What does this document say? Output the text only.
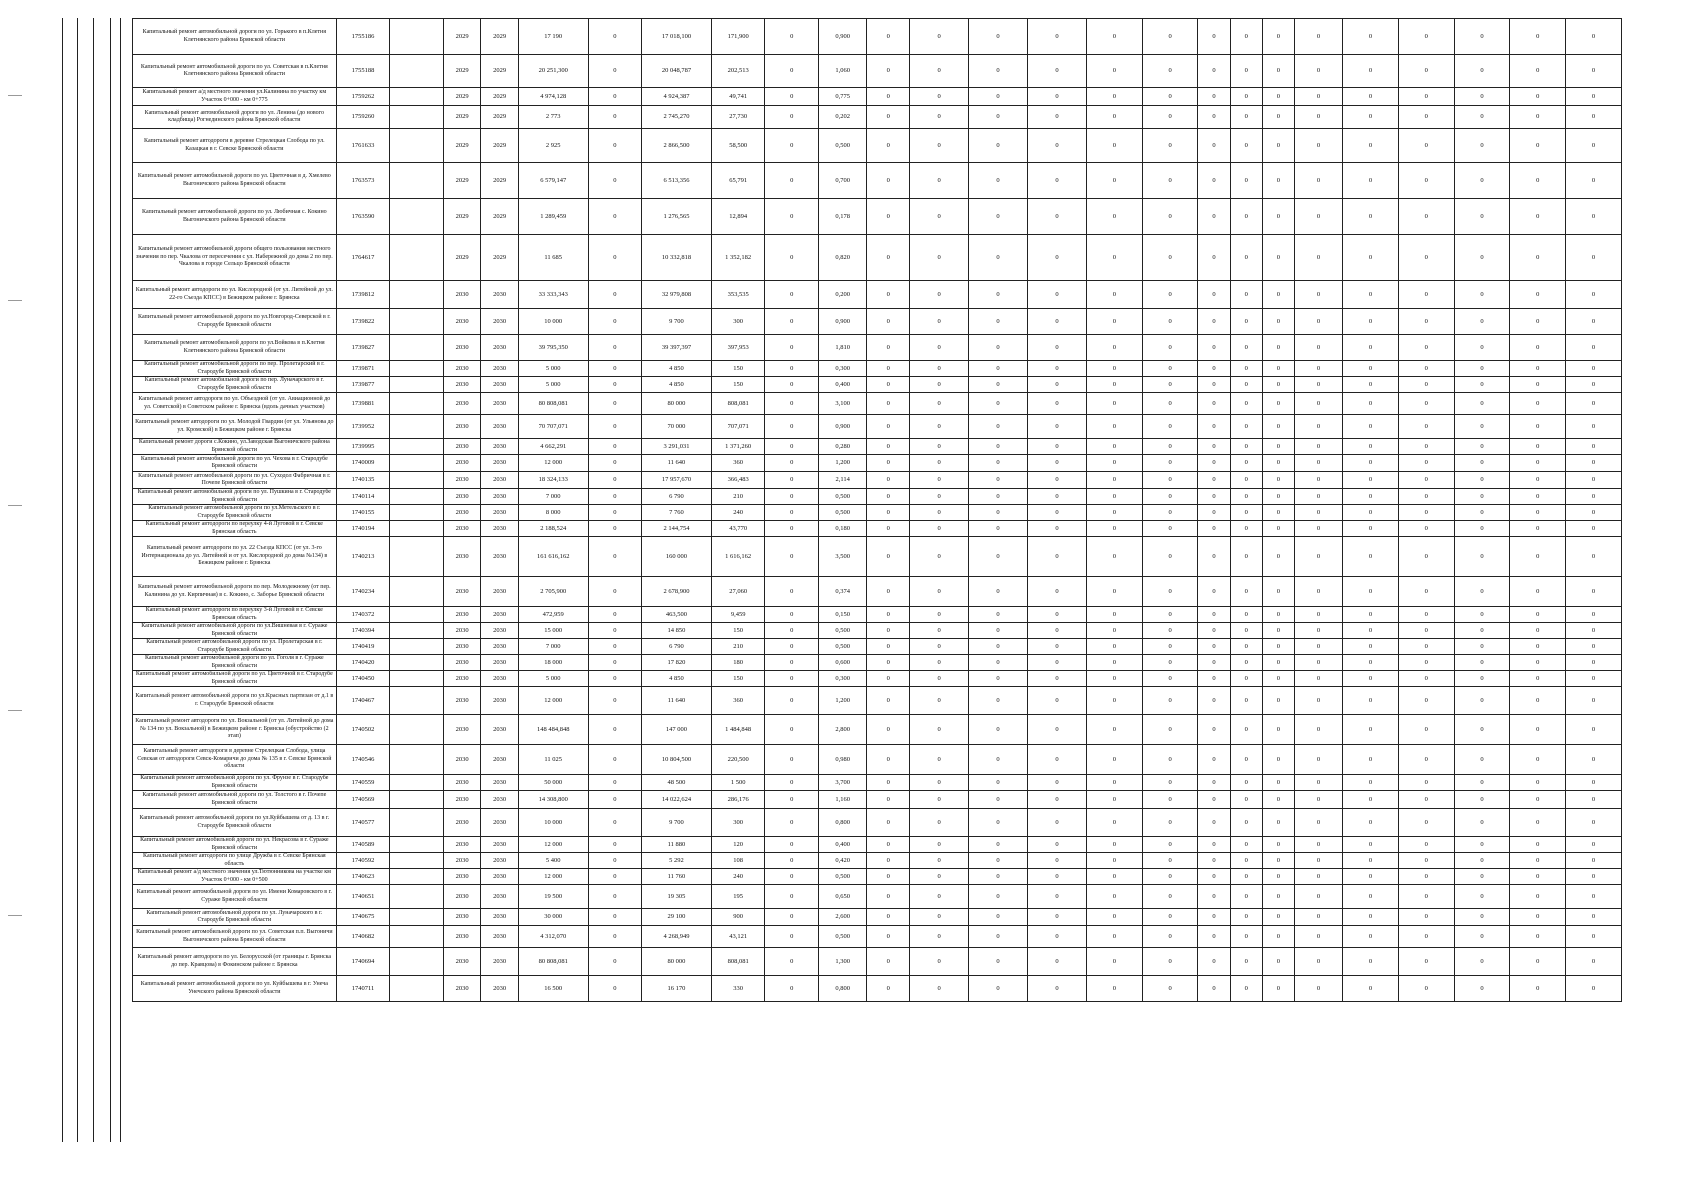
Капитальный ремонт автомобильной дороги по ул. Горького в п.Клетня Клетнянского района Брянской области	1755186		2029	2029	17 190	0	17 018,100	171,900	0	0,900	0	0	0	0	0	0	0	0	0	0	0	0	0	0	0
Капитальный ремонт автомобильной дороги по ул. Советская в п.Клетня Клетнянского района Брянской области	1755188		2029	2029	20 251,300	0	20 048,787	202,513	0	1,060	0	0	0	0	0	0	0	0	0	0	0	0	0	0	0
Капитальный ремонт а/д местного значения ул.Калинина по участку км Участок 0+000 - км 0+775	1759262		2029	2029	4 974,128	0	4 924,387	49,741	0	0,775	0	0	0	0	0	0	0	0	0	0	0	0	0	0	0
Капитальный ремонт автомобильной дороги по ул. Ленина (до нового кладбища) Рогнединского района Брянской области	1759260		2029	2029	2 773	0	2 745,270	27,730	0	0,202	0	0	0	0	0	0	0	0	0	0	0	0	0	0	0
Капитальный ремонт автодороги в деревне Стрелецкая Слобода по ул. Казацкая в г. Севске Брянской области	1761633		2029	2029	2 925	0	2 866,500	58,500	0	0,500	0	0	0	0	0	0	0	0	0	0	0	0	0	0	0
Капитальный ремонт автомобильной дороги по ул. Цветочная в д. Хмелево Выгоничского района Брянской области	1763573		2029	2029	6 579,147	0	6 513,356	65,791	0	0,700	0	0	0	0	0	0	0	0	0	0	0	0	0	0	0
Капитальный ремонт автомобильной дороги по ул. Любичная с. Кокино Выгоничского района Брянской области	1763590		2029	2029	1 289,459	0	1 276,565	12,894	0	0,178	0	0	0	0	0	0	0	0	0	0	0	0	0	0	0
Капитальный ремонт автомобильной дороги общего пользования местного значения по пер. Чкалова от пересечения с ул. Набережной до дома 2 по пер. Чкалова в городе Сельцо Брянской области	1764617		2029	2029	11 685	0	10 332,818	1 352,182	0	0,820	0	0	0	0	0	0	0	0	0	0	0	0	0	0	0
Капитальный ремонт автодороги по ул. Кислородной (от ул. Литейной до ул. 22-го Съезда КПСС) в Бежицком районе г. Брянска	1739812		2030	2030	33 333,343	0	32 979,808	353,535	0	0,200	0	0	0	0	0	0	0	0	0	0	0	0	0	0	0
Капитальный ремонт автомобильной дороги по ул.Новгород-Северской в г. Стародубе Брянской области	1739822		2030	2030	10 000	0	9 700	300	0	0,900	0	0	0	0	0	0	0	0	0	0	0	0	0	0	0
Капитальный ремонт автомобильной дороги по ул.Войкова в п.Клетня Клетнянского района Брянской области	1739827		2030	2030	39 795,350	0	39 397,397	397,953	0	1,810	0	0	0	0	0	0	0	0	0	0	0	0	0	0	0
Капитальный ремонт автомобильной дороги по пер. Пролетарский в г. Стародубе Брянской области	1739871		2030	2030	5 000	0	4 850	150	0	0,300	0	0	0	0	0	0	0	0	0	0	0	0	0	0	0
Капитальный ремонт автомобильной дороги по пер. Луначарского в г. Стародубе Брянской области	1739877		2030	2030	5 000	0	4 850	150	0	0,400	0	0	0	0	0	0	0	0	0	0	0	0	0	0	0
Капитальный ремонт автодороги по ул. Объездной (от ул. Авиационной до ул. Советской) в Советском районе г. Брянска (вдоль дачных участков)	1739881		2030	2030	80 808,081	0	80 000	808,081	0	3,100	0	0	0	0	0	0	0	0	0	0	0	0	0	0	0
Капитальный ремонт автодороги по ул. Молодой Гвардии (от ул. Ульянова до ул. Кромской) в Бежицком районе г. Брянска	1739952		2030	2030	70 707,071	0	70 000	707,071	0	0,900	0	0	0	0	0	0	0	0	0	0	0	0	0	0	0
Капитальный ремонт дороги с.Кокино, ул.Заводская Выгоничского района Брянской области	1739995		2030	2030	4 662,291	0	3 291,031	1 371,260	0	0,280	0	0	0	0	0	0	0	0	0	0	0	0	0	0	0
Капитальный ремонт автомобильной дороги по ул. Чехова в г. Стародубе Брянской области	1740009		2030	2030	12 000	0	11 640	360	0	1,200	0	0	0	0	0	0	0	0	0	0	0	0	0	0	0
Капитальный ремонт автомобильной дороги по ул. Суходол Фабричная в г. Почепе Брянской области	1740135		2030	2030	18 324,133	0	17 957,670	366,483	0	2,114	0	0	0	0	0	0	0	0	0	0	0	0	0	0	0
Капитальный ремонт автомобильной дороги по ул. Пушкина в г. Стародубе Брянской области	1740114		2030	2030	7 000	0	6 790	210	0	0,500	0	0	0	0	0	0	0	0	0	0	0	0	0	0	0
Капитальный ремонт автомобильной дороги по ул.Метельского в г. Стародубе Брянской области	1740155		2030	2030	8 000	0	7 760	240	0	0,500	0	0	0	0	0	0	0	0	0	0	0	0	0	0	0
Капитальный ремонт автодороги по переулку 4-й Луговой в г. Севске Брянская область	1740194		2030	2030	2 188,524	0	2 144,754	43,770	0	0,180	0	0	0	0	0	0	0	0	0	0	0	0	0	0	0
Капитальный ремонт автодороги по ул. 22 Съезда КПСС (от ул. 3-го Интернационала до ул. Литейной и от ул. Кислородной до дома №134) в Бежицком районе г. Брянска	1740213		2030	2030	161 616,162	0	160 000	1 616,162	0	3,500	0	0	0	0	0	0	0	0	0	0	0	0	0	0	0
Капитальный ремонт автомобильной дороги по пер. Молодежному (от пер. Калинина до ул. Кирпичная) в с. Кокино, с. Заборье Брянской области	1740234		2030	2030	2 705,900	0	2 678,900	27,060	0	0,374	0	0	0	0	0	0	0	0	0	0	0	0	0	0	0
Капитальный ремонт автодороги по переулку 3-й Луговой в г. Севске Брянская область	1740372		2030	2030	472,959	0	463,500	9,459	0	0,150	0	0	0	0	0	0	0	0	0	0	0	0	0	0	0
Капитальный ремонт автомобильной дороги по ул.Вишневая в г. Сураже Брянской области	1740394		2030	2030	15 000	0	14 850	150	0	0,500	0	0	0	0	0	0	0	0	0	0	0	0	0	0	0
Капитальный ремонт автомобильной дороги по ул. Пролетарская в г. Стародубе Брянской области	1740419		2030	2030	7 000	0	6 790	210	0	0,500	0	0	0	0	0	0	0	0	0	0	0	0	0	0	0
Капитальный ремонт автомобильной дороги по ул. Гоголя в г. Сураже Брянской области	1740420		2030	2030	18 000	0	17 820	180	0	0,600	0	0	0	0	0	0	0	0	0	0	0	0	0	0	0
Капитальный ремонт автомобильной дороги по ул. Цветочной в г. Стародубе Брянской области	1740450		2030	2030	5 000	0	4 850	150	0	0,300	0	0	0	0	0	0	0	0	0	0	0	0	0	0	0
Капитальный ремонт автомобильной дороги по ул.Красных партизан от д.1 в г. Стародубе Брянской области	1740467		2030	2030	12 000	0	11 640	360	0	1,200	0	0	0	0	0	0	0	0	0	0	0	0	0	0	0
Капитальный ремонт автодороги по ул. Вокзальной (от ул. Литейной до дома № 134 по ул. Вокзальной) в Бежицком районе г. Брянска (обустройство (2 этап)	1740502		2030	2030	148 484,848	0	147 000	1 484,848	0	2,800	0	0	0	0	0	0	0	0	0	0	0	0	0	0	0
Капитальный ремонт автодороги в деревне Стрелецкая Слобода, улица Севская от автодороги Севск-Комаричи до дома № 135 в г. Севске Брянской области	1740546		2030	2030	11 025	0	10 804,500	220,500	0	0,980	0	0	0	0	0	0	0	0	0	0	0	0	0	0	0
Капитальный ремонт автомобильной дороги по ул. Фрунзе в г. Стародубе Брянской области	1740559		2030	2030	50 000	0	48 500	1 500	0	3,700	0	0	0	0	0	0	0	0	0	0	0	0	0	0	0
Капитальный ремонт автомобильной дороги по ул. Толстого в г. Почепе Брянской области	1740569		2030	2030	14 308,800	0	14 022,624	286,176	0	1,160	0	0	0	0	0	0	0	0	0	0	0	0	0	0	0
Капитальный ремонт автомобильной дороги по ул.Куйбышева от д. 13 в г. Стародубе Брянской области	1740577		2030	2030	10 000	0	9 700	300	0	0,800	0	0	0	0	0	0	0	0	0	0	0	0	0	0	0
Капитальный ремонт автомобильной дороги по ул. Некрасова в г. Сураже Брянской области	1740589		2030	2030	12 000	0	11 880	120	0	0,400	0	0	0	0	0	0	0	0	0	0	0	0	0	0	0
Капитальный ремонт автодороги по улице Дружба в г. Севске Брянская область	1740592		2030	2030	5 400	0	5 292	108	0	0,420	0	0	0	0	0	0	0	0	0	0	0	0	0	0	0
Капитальный ремонт а/д местного значения ул.Тютюнникова на участке км Участок 0+000 - км 0+500	1740623		2030	2030	12 000	0	11 760	240	0	0,500	0	0	0	0	0	0	0	0	0	0	0	0	0	0	0
Капитальный ремонт автомобильной дороги по ул. Имени Комаровского в г. Сураже Брянской области	1740651		2030	2030	19 500	0	19 305	195	0	0,650	0	0	0	0	0	0	0	0	0	0	0	0	0	0	0
Капитальный ремонт автомобильной дороги по ул. Луначарского в г. Стародубе Брянской области	1740675		2030	2030	30 000	0	29 100	900	0	2,600	0	0	0	0	0	0	0	0	0	0	0	0	0	0	0
Капитальный ремонт автомобильной дороги по ул. Советская п.п. Выгоничи Выгоничского района Брянской области	1740682		2030	2030	4 312,070	0	4 268,949	43,121	0	0,500	0	0	0	0	0	0	0	0	0	0	0	0	0	0	0
Капитальный ремонт автодороги по ул. Белорусской (от границы г. Брянска до пер. Кравцова) в Фокинском районе г. Брянска	1740694		2030	2030	80 808,081	0	80 000	808,081	0	1,300	0	0	0	0	0	0	0	0	0	0	0	0	0	0	0
Капитальный ремонт автомобильной дороги по ул. Куйбышева в г. Унеча Унечского района Брянской области	1740711		2030	2030	16 500	0	16 170	330	0	0,800	0	0	0	0	0	0	0	0	0	0	0	0	0	0	0
